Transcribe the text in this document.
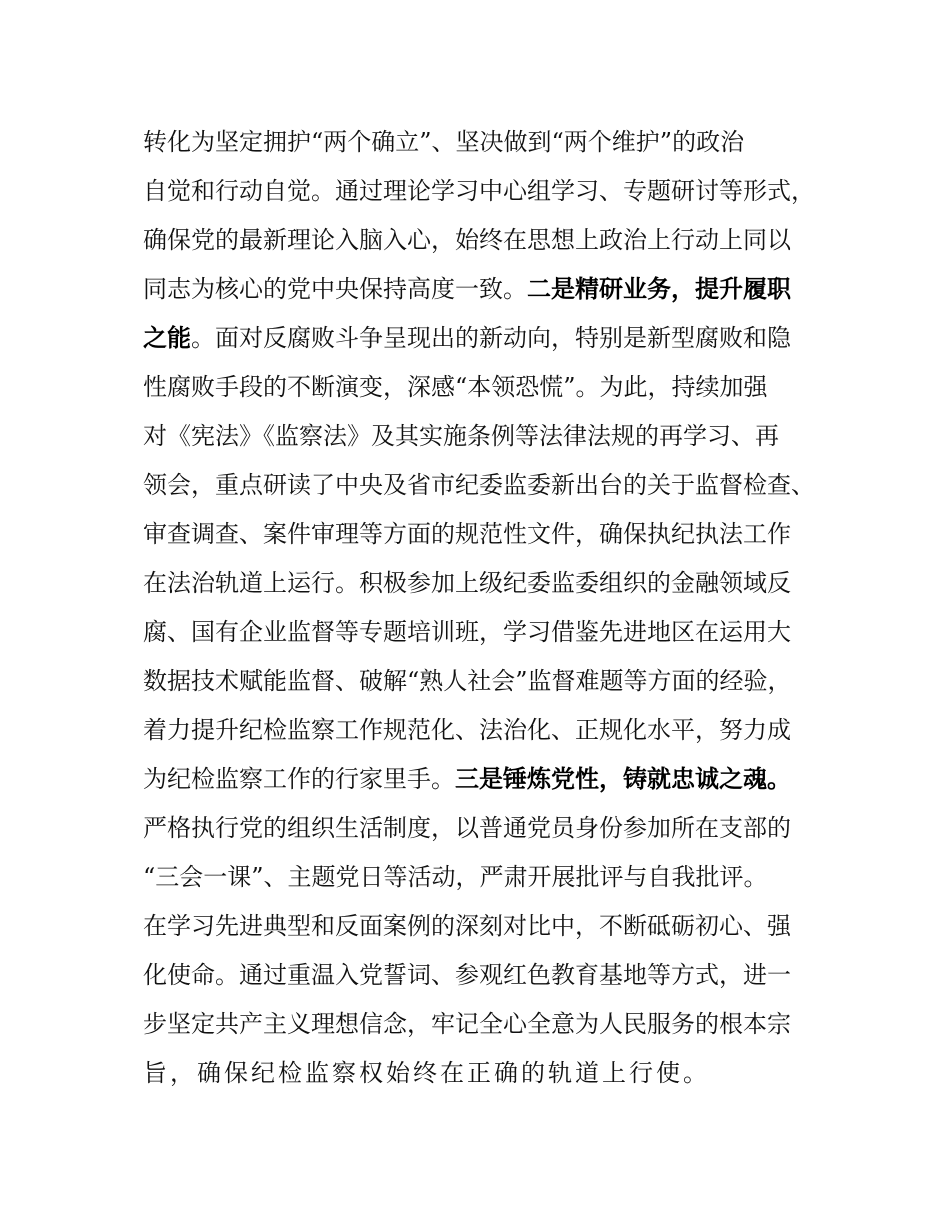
转化为坚定拥护“两个确立”、坚决做到“两个维护”的政治
自觉和行动自觉。通过理论学习中心组学习、专题研讨等形式，
确保党的最新理论入脑入心，始终在思想上政治上行动上同以
同志为核心的党中央保持高度一致。二是精研业务，提升履职
之能。面对反腐败斗争呈现出的新动向，特别是新型腐败和隐
性腐败手段的不断演变，深感“本领恐慌”。为此，持续加强
对《宪法》《监察法》及其实施条例等法律法规的再学习、再
领会，重点研读了中央及省市纪委监委新出台的关于监督检查、
审查调查、案件审理等方面的规范性文件，确保执纪执法工作
在法治轨道上运行。积极参加上级纪委监委组织的金融领域反
腐、国有企业监督等专题培训班，学习借鉴先进地区在运用大
数据技术赋能监督、破解“熟人社会”监督难题等方面的经验，
着力提升纪检监察工作规范化、法治化、正规化水平，努力成
为纪检监察工作的行家里手。三是锤炼党性，铸就忠诚之魂。
严格执行党的组织生活制度，以普通党员身份参加所在支部的
“三会一课”、主题党日等活动，严肃开展批评与自我批评。
在学习先进典型和反面案例的深刻对比中，不断砥砺初心、强
化使命。通过重温入党誓词、参观红色教育基地等方式，进一
步坚定共产主义理想信念，牢记全心全意为人民服务的根本宗
旨，确保纪检监察权始终在正确的轨道上行使。
